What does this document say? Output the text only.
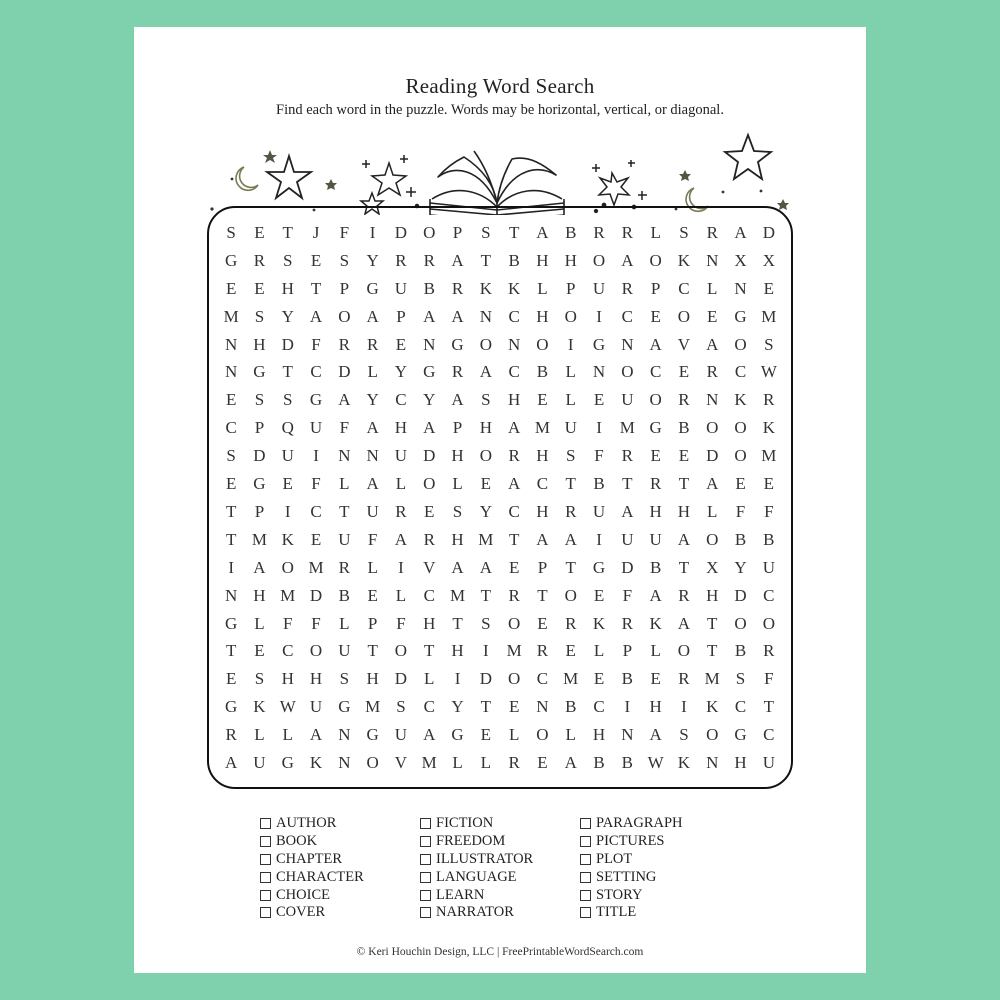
Reading Word Search
Find each word in the puzzle. Words may be horizontal, vertical, or diagonal.
S	E	T	J	F	I	D O	P	S	T A B R R	L	S	R A D
G R	S	E	S	Y R R A T	B H H O A O K N X X
E	E H T	P	G U B R K K L	P	U R	P	C	L N E
M S	Y A O A	P	A A N C H O	I	C	E O E G M
N H D	F	R R	E N G O N O	I	G N A V A O	S
N G T	C D L Y G R A C B	L N O C	E	R C W
E	S	S	G A Y C Y A	S	H E	L	E U O R N K R
C	P	Q U	F	A H A	P	H A M U	I	M G B O O K
S	D U	I	N N U D H O R H	S	F	R	E	E D O M
E G E	F	L A L O L	E A C	T	B	T	R	T A E	E
T	P	I	C	T U R	E	S	Y C H R U A H H L	F	F
T M K E U	F	A R H M T A A	I	U U A O B B
I	A O M R	L	I	V A A E	P	T G D B	T X Y U
N H M D B	E	L	C M T	R	T O E	F	A R H D C
G L	F	F	L	P	F	H T	S	O E	R K R K A T O O
T	E	C O U T O T H	I	M R	E	L	P	L O T	B R
E	S	H H	S	H D L	I	D O C M E	B	E	R M S	F
G K W U G M S	C Y T	E N B C	I	H	I	K C	T
R	L	L A N G U A G E	L O L H N A	S	O G C
A U G K N O V M L	L	R	E A B B W K N H U
AUTHOR
BOOK
CHAPTER
CHARACTER
CHOICE
COVER
FICTION
FREEDOM
ILLUSTRATOR
LANGUAGE
LEARN
NARRATOR
PARAGRAPH
PICTURES
PLOT
SETTING
STORY
TITLE
© Keri Houchin Design, LLC | FreePrintableWordSearch.com
